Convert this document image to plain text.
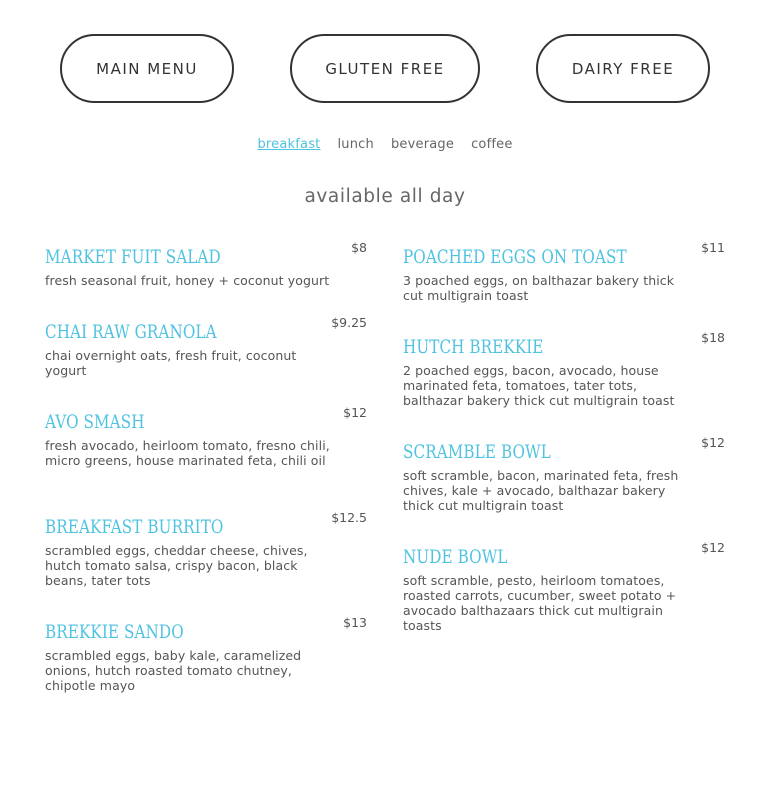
MAIN MENU	GLUTEN FREE	DAIRY FREE
breakfast lunch beverage coffee
available all day
MARKET FUIT SALAD	$8
fresh seasonal fruit, honey + coconut yogurt
CHAI RAW GRANOLA	$9.25
chai overnight oats, fresh fruit, coconut yogurt
AVO SMASH	$12
fresh avocado, heirloom tomato, fresno chili, micro greens, house marinated feta, chili oil
BREAKFAST BURRITO	$12.5
scrambled eggs, cheddar cheese, chives, hutch tomato salsa, crispy bacon, black beans, tater tots
BREKKIE SANDO	$13
scrambled eggs, baby kale, caramelized onions, hutch roasted tomato chutney, chipotle mayo
POACHED EGGS ON TOAST	$11
3 poached eggs, on balthazar bakery thick cut multigrain toast
HUTCH BREKKIE	$18
2 poached eggs, bacon, avocado, house marinated feta, tomatoes, tater tots, balthazar bakery thick cut multigrain toast
SCRAMBLE BOWL	$12
soft scramble, bacon, marinated feta, fresh chives, kale + avocado, balthazar bakery thick cut multigrain toast
NUDE BOWL	$12
soft scramble, pesto, heirloom tomatoes, roasted carrots, cucumber, sweet potato + avocado balthazaars thick cut multigrain toasts
